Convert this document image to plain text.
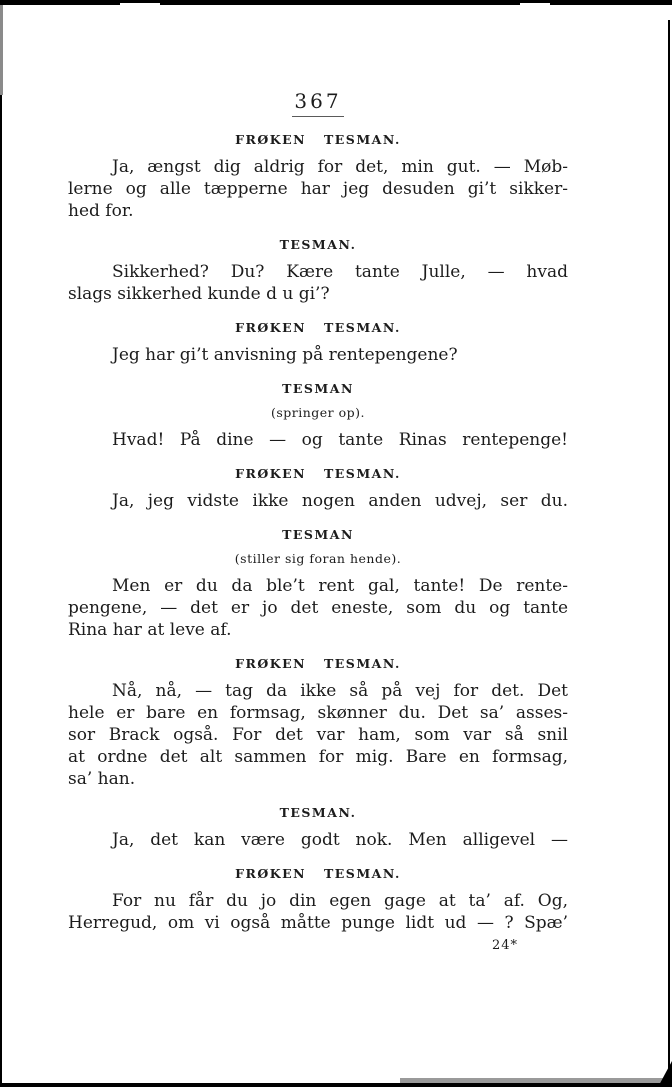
367
FRØKEN TESMAN.
Ja, ængst dig aldrig for det, min gut. — Møb-
lerne og alle tæpperne har jeg desuden gi’t sikker-
hed for.
TESMAN.
Sikkerhed? Du? Kære tante Julle, — hvad
slags sikkerhed kunde d u gi’?
FRØKEN TESMAN.
Jeg har gi’t anvisning på rentepengene?
TESMAN
(springer op).
Hvad! På dine — og tante Rinas rentepenge!
FRØKEN TESMAN.
Ja, jeg vidste ikke nogen anden udvej, ser du.
TESMAN
(stiller sig foran hende).
Men er du da ble’t rent gal, tante! De rente-
pengene, — det er jo det eneste, som du og tante
Rina har at leve af.
FRØKEN TESMAN.
Nå, nå, — tag da ikke så på vej for det. Det
hele er bare en formsag, skønner du. Det sa’ asses-
sor Brack også. For det var ham, som var så snil
at ordne det alt sammen for mig. Bare en formsag,
sa’ han.
TESMAN.
Ja, det kan være godt nok. Men alligevel —
FRØKEN TESMAN.
For nu får du jo din egen gage at ta’ af. Og,
Herregud, om vi også måtte punge lidt ud — ? Spæ’
24*
